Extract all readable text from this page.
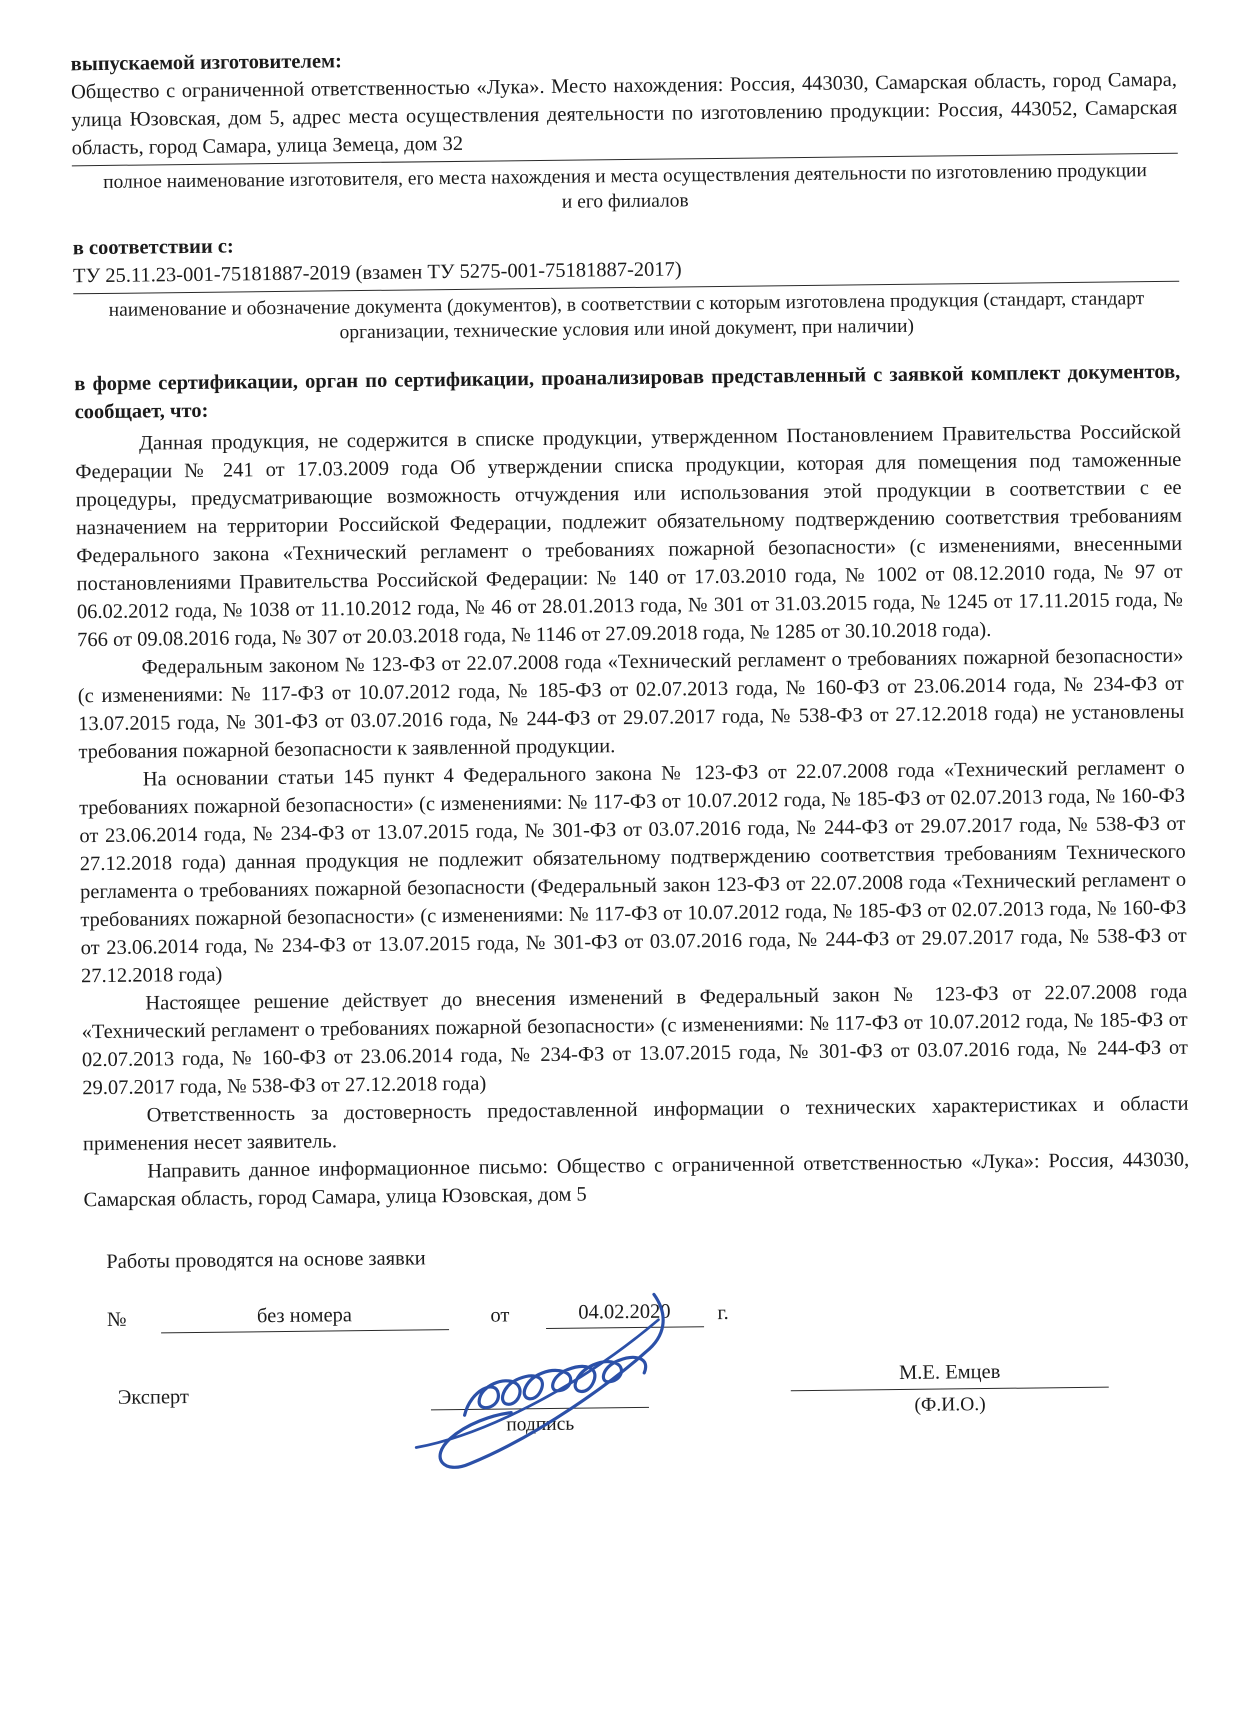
выпускаемой изготовителем:

Общество с ограниченной ответственностью «Лука». Место нахождения: Россия, 443030, Самарская область, город Самара, улица Юзовская, дом 5, адрес места осуществления деятельности по изготовлению продукции: Россия, 443052, Самарская область, город Самара, улица Земеца, дом 32

полное наименование изготовителя, его места нахождения и места осуществления деятельности по изготовлению продукции и его филиалов

в соответствии с:

ТУ 25.11.23-001-75181887-2019 (взамен ТУ 5275-001-75181887-2017)

наименование и обозначение документа (документов), в соответствии с которым изготовлена продукция (стандарт, стандарт организации, технические условия или иной документ, при наличии)

в форме сертификации, орган по сертификации, проанализировав представленный с заявкой комплект документов, сообщает, что:

Данная продукция, не содержится в списке продукции, утвержденном Постановлением Правительства Российской Федерации № 241 от 17.03.2009 года Об утверждении списка продукции, которая для помещения под таможенные процедуры, предусматривающие возможность отчуждения или использования этой продукции в соответствии с ее назначением на территории Российской Федерации, подлежит обязательному подтверждению соответствия требованиям Федерального закона «Технический регламент о требованиях пожарной безопасности» (с изменениями, внесенными постановлениями Правительства Российской Федерации: № 140 от 17.03.2010 года, № 1002 от 08.12.2010 года, № 97 от 06.02.2012 года, № 1038 от 11.10.2012 года, № 46 от 28.01.2013 года, № 301 от 31.03.2015 года, № 1245 от 17.11.2015 года, № 766 от 09.08.2016 года, № 307 от 20.03.2018 года, № 1146 от 27.09.2018 года, № 1285 от 30.10.2018 года).

Федеральным законом № 123-ФЗ от 22.07.2008 года «Технический регламент о требованиях пожарной безопасности» (с изменениями: № 117-ФЗ от 10.07.2012 года, № 185-ФЗ от 02.07.2013 года, № 160-ФЗ от 23.06.2014 года, № 234-ФЗ от 13.07.2015 года, № 301-ФЗ от 03.07.2016 года, № 244-ФЗ от 29.07.2017 года, № 538-ФЗ от 27.12.2018 года) не установлены требования пожарной безопасности к заявленной продукции.

На основании статьи 145 пункт 4 Федерального закона № 123-ФЗ от 22.07.2008 года «Технический регламент о требованиях пожарной безопасности» (с изменениями: № 117-ФЗ от 10.07.2012 года, № 185-ФЗ от 02.07.2013 года, № 160-ФЗ от 23.06.2014 года, № 234-ФЗ от 13.07.2015 года, № 301-ФЗ от 03.07.2016 года, № 244-ФЗ от 29.07.2017 года, № 538-ФЗ от 27.12.2018 года) данная продукция не подлежит обязательному подтверждению соответствия требованиям Технического регламента о требованиях пожарной безопасности (Федеральный закон 123-ФЗ от 22.07.2008 года «Технический регламент о требованиях пожарной безопасности» (с изменениями: № 117-ФЗ от 10.07.2012 года, № 185-ФЗ от 02.07.2013 года, № 160-ФЗ от 23.06.2014 года, № 234-ФЗ от 13.07.2015 года, № 301-ФЗ от 03.07.2016 года, № 244-ФЗ от 29.07.2017 года, № 538-ФЗ от 27.12.2018 года)

Настоящее решение действует до внесения изменений в Федеральный закон № 123-ФЗ от 22.07.2008 года «Технический регламент о требованиях пожарной безопасности» (с изменениями: № 117-ФЗ от 10.07.2012 года, № 185-ФЗ от 02.07.2013 года, № 160-ФЗ от 23.06.2014 года, № 234-ФЗ от 13.07.2015 года, № 301-ФЗ от 03.07.2016 года, № 244-ФЗ от 29.07.2017 года, № 538-ФЗ от 27.12.2018 года)

Ответственность за достоверность предоставленной информации о технических характеристиках и области применения несет заявитель.

Направить данное информационное письмо: Общество с ограниченной ответственностью «Лука»: Россия, 443030, Самарская область, город Самара, улица Юзовская, дом 5

Работы проводятся на основе заявки

№	без номера	от	04.02.2020	г.
Эксперт
подпись
М.Е. Емцев
(Ф.И.О.)
